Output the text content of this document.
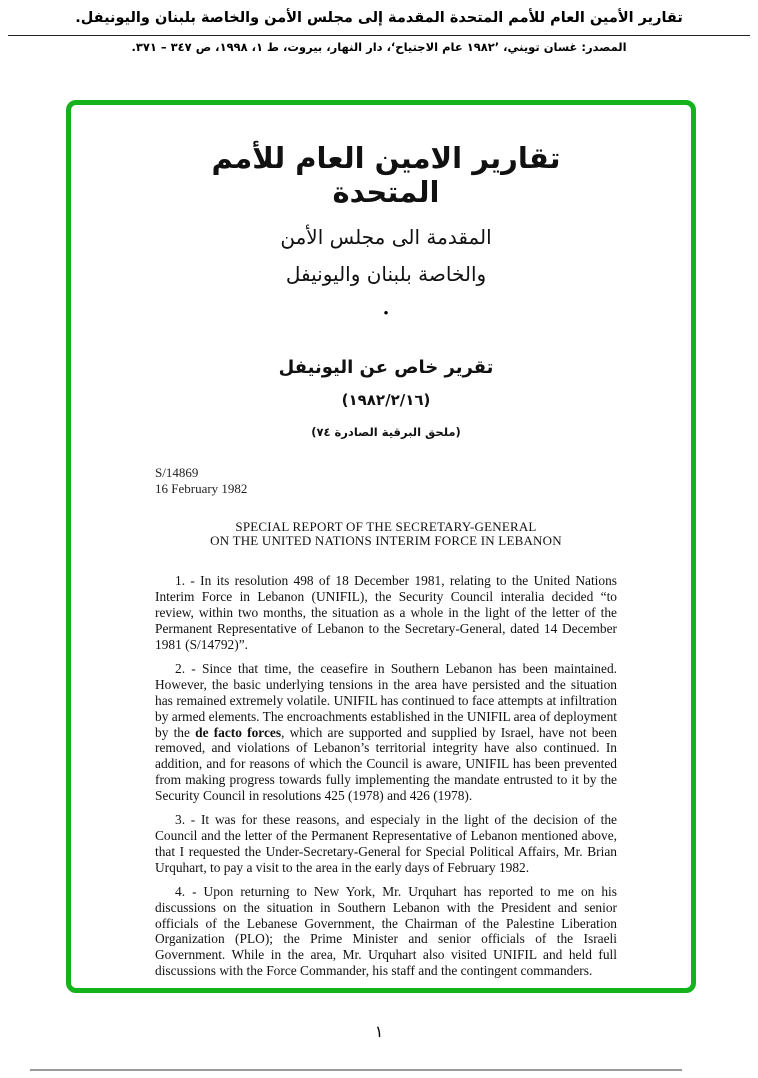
تقارير الأمين العام للأمم المتحدة المقدمة إلى مجلس الأمن والخاصة بلبنان واليونيفل.
المصدر: غسان تويني، ’١٩٨٢ عام الاجتياح‘، دار النهار، بيروت، ط ١، ١٩٩٨، ص ٣٤٧ – ٣٧١.
تقارير الامين العام للأمم المتحدة
المقدمة الى مجلس الأمن
والخاصة بلبنان واليونيفل
•
تقرير خاص عن اليونيفل
(١٩٨٢/٢/١٦)
(ملحق البرقية الصادرة ٧٤)
S/14869
16 February 1982
SPECIAL REPORT OF THE SECRETARY-GENERAL
ON THE UNITED NATIONS INTERIM FORCE IN LEBANON

1. - In its resolution 498 of 18 December 1981, relating to the United Nations Interim Force in Lebanon (UNIFIL), the Security Council interalia decided “to review, within two months, the situation as a whole in the light of the letter of the Permanent Representative of Lebanon to the Secretary-General, dated 14 December 1981 (S/14792)”.

2. - Since that time, the ceasefire in Southern Lebanon has been maintained. However, the basic underlying tensions in the area have persisted and the situation has remained extremely volatile. UNIFIL has continued to face attempts at infiltration by armed elements. The encroachments established in the UNIFIL area of deployment by the de facto forces, which are supported and supplied by Israel, have not been removed, and violations of Lebanon’s territorial integrity have also continued. In addition, and for reasons of which the Council is aware, UNIFIL has been prevented from making progress towards fully implementing the mandate entrusted to it by the Security Council in resolutions 425 (1978) and 426 (1978).

3. - It was for these reasons, and especialy in the light of the decision of the Council and the letter of the Permanent Representative of Lebanon mentioned above, that I requested the Under-Secretary-General for Special Political Affairs, Mr. Brian Urquhart, to pay a visit to the area in the early days of February 1982.

4. - Upon returning to New York, Mr. Urquhart has reported to me on his discussions on the situation in Southern Lebanon with the President and senior officials of the Lebanese Government, the Chairman of the Palestine Liberation Organization (PLO); the Prime Minister and senior officials of the Israeli Government. While in the area, Mr. Urquhart also visited UNIFIL and held full discussions with the Force Commander, his staff and the contingent commanders.

١
